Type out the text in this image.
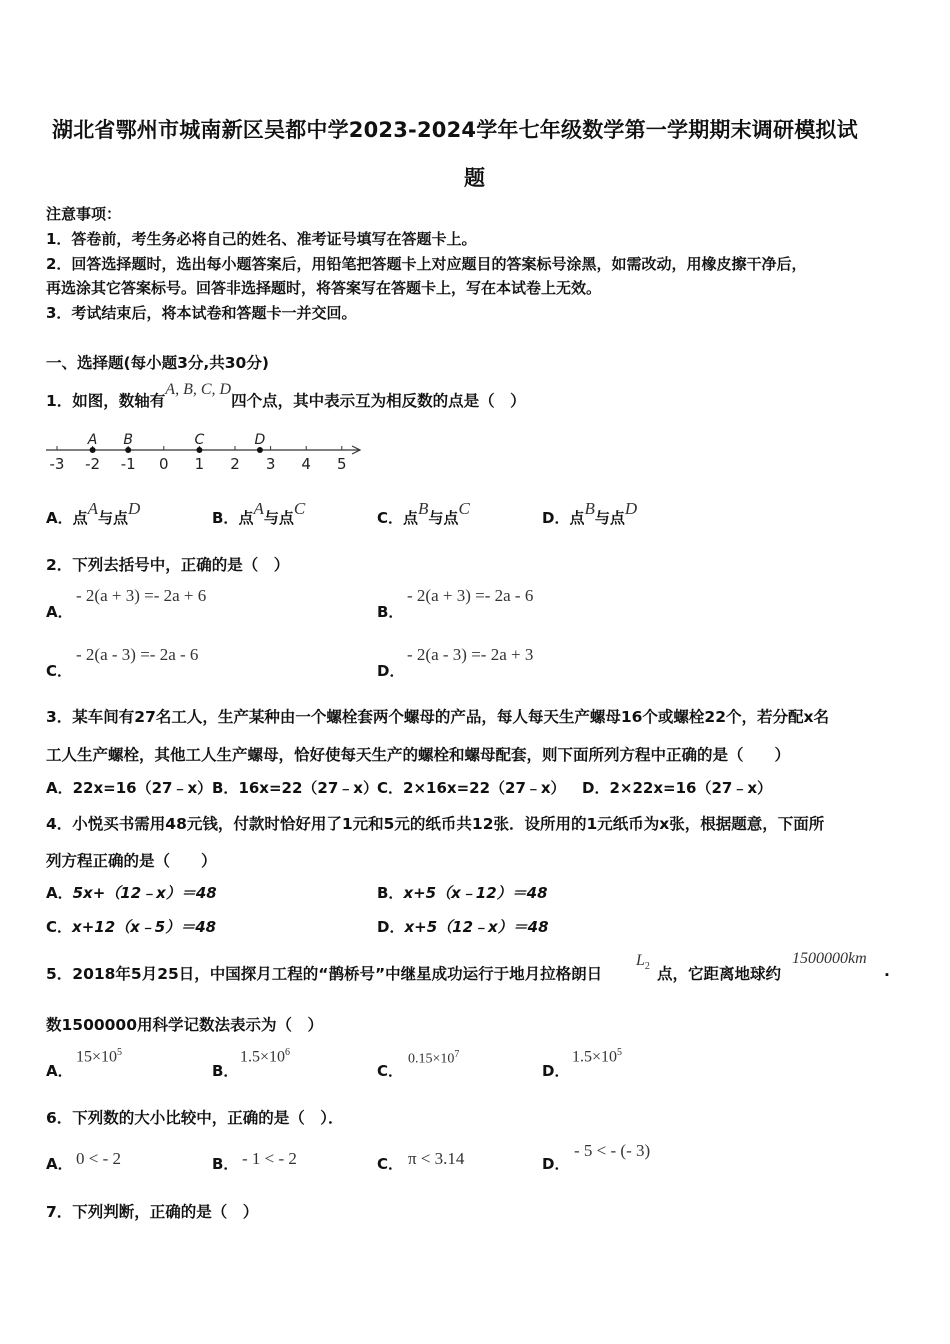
湖北省鄂州市城南新区吴都中学2023-2024学年七年级数学第一学期期末调研模拟试
题
注意事项：
1．答卷前，考生务必将自己的姓名、准考证号填写在答题卡上。
2．回答选择题时，选出每小题答案后，用铅笔把答题卡上对应题目的答案标号涂黑，如需改动，用橡皮擦干净后，
再选涂其它答案标号。回答非选择题时，将答案写在答题卡上，写在本试卷上无效。
3．考试结束后，将本试卷和答题卡一并交回。
一、选择题(每小题3分,共30分)
1．如图，数轴有A, B, C, D四个点，其中表示互为相反数的点是（　）
-3 -2 -1 0 1 2 3 4 5
A B	C	D
A．点A与点D	B．点A与点C	C．点B与点C	D．点B与点D
2．下列去括号中，正确的是（　）
A．
- 2(a + 3) =- 2a + 6
B．
- 2(a + 3) =- 2a - 6
C．
- 2(a - 3) =- 2a - 6
D．
- 2(a - 3) =- 2a + 3
3．某车间有27名工人，生产某种由一个螺栓套两个螺母的产品，每人每天生产螺母16个或螺栓22个，若分配x名
工人生产螺栓，其他工人生产螺母，恰好使每天生产的螺栓和螺母配套，则下面所列方程中正确的是（　　）
A．22x=16（27﹣x） B．16x=22（27﹣x） C．2×16x=22（27﹣x） D．2×22x=16（27﹣x）
4．小悦买书需用48元钱，付款时恰好用了1元和5元的纸币共12张．设所用的1元纸币为x张，根据题意，下面所
列方程正确的是（　　）
A．5x+（12﹣x）＝48	B．x+5（x﹣12）＝48
C．x+12（x﹣5）＝48	D．x+5（12﹣x）＝48
5．2018年5月25日，中国探月工程的“鹊桥号”中继星成功运行于地月拉格朗日
$L_2$ 点，它距离地球约
1500000km
.
数1500000用科学记数法表示为（　）
A．
$15\times 10^5$
B．
$1.5\times 10^6$
C．
$0.15\times 10^7$
D．
$1.5\times 10^5$
6．下列数的大小比较中，正确的是（　）．
A． 0 < - 2	B． - 1 < - 2	C． π < 3.14	D．
- 5 < - (- 3)
7．下列判断，正确的是（　）
